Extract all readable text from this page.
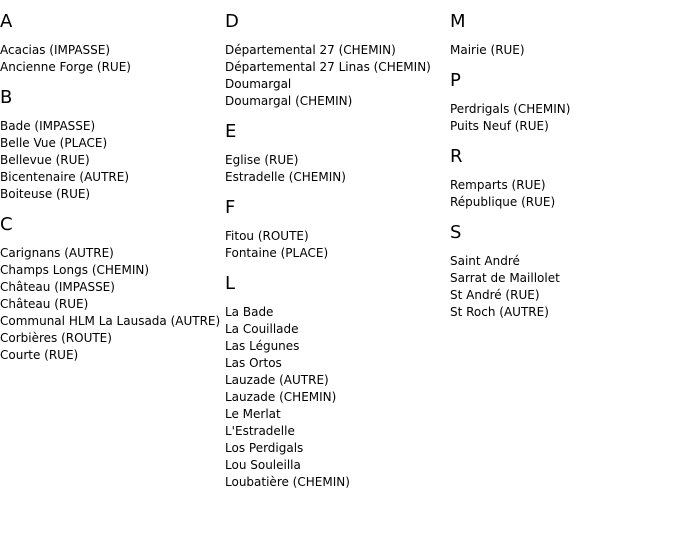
A
Acacias (IMPASSE)
Ancienne Forge (RUE)
B
Bade (IMPASSE)
Belle Vue (PLACE)
Bellevue (RUE)
Bicentenaire (AUTRE)
Boiteuse (RUE)
C
Carignans (AUTRE)
Champs Longs (CHEMIN)
Château (IMPASSE)
Château (RUE)
Communal HLM La Lausada (AUTRE)
Corbières (ROUTE)
Courte (RUE)
D
Départemental 27 (CHEMIN)
Départemental 27 Linas (CHEMIN)
Doumargal
Doumargal (CHEMIN)
E
Eglise (RUE)
Estradelle (CHEMIN)
F
Fitou (ROUTE)
Fontaine (PLACE)
L
La Bade
La Couillade
Las Légunes
Las Ortos
Lauzade (AUTRE)
Lauzade (CHEMIN)
Le Merlat
L'Estradelle
Los Perdigals
Lou Souleilla
Loubatière (CHEMIN)
M
Mairie (RUE)
P
Perdrigals (CHEMIN)
Puits Neuf (RUE)
R
Remparts (RUE)
République (RUE)
S
Saint André
Sarrat de Maillolet
St André (RUE)
St Roch (AUTRE)
